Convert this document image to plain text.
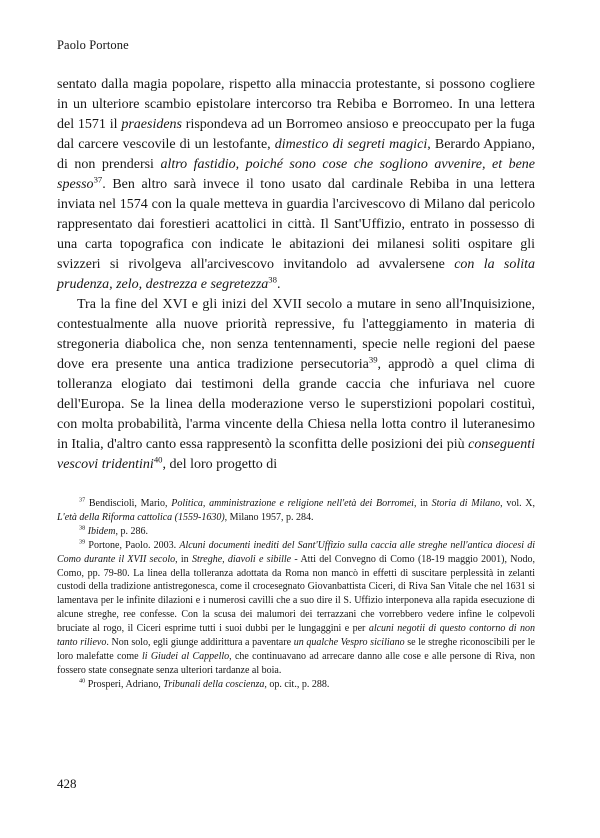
Paolo Portone

sentato dalla magia popolare, rispetto alla minaccia protestante, si possono cogliere in un ulteriore scambio epistolare intercorso tra Rebiba e Borromeo. In una lettera del 1571 il praesidens rispondeva ad un Borromeo ansioso e preoccupato per la fuga dal carcere vescovile di un lestofante, dimestico di segreti magici, Berardo Appiano, di non prendersi altro fastidio, poiché sono cose che sogliono avvenire, et bene spesso$^{37}$. Ben altro sarà invece il tono usato dal cardinale Rebiba in una lettera inviata nel 1574 con la quale metteva in guardia l'arcivescovo di Milano dal pericolo rappresentato dai forestieri acattolici in città. Il Sant'Uffizio, entrato in possesso di una carta topografica con indicate le abitazioni dei milanesi soliti ospitare gli svizzeri si rivolgeva all'arcivescovo invitandolo ad avvalersene con la solita prudenza, zelo, destrezza e segretezza$^{38}$.

Tra la fine del XVI e gli inizi del XVII secolo a mutare in seno all'Inquisizione, contestualmente alla nuove priorità repressive, fu l'atteggiamento in materia di stregoneria diabolica che, non senza tentennamenti, specie nelle regioni del paese dove era presente una antica tradizione persecutoria$^{39}$, approdò a quel clima di tolleranza elogiato dai testimoni della grande caccia che infuriava nel cuore dell'Europa. Se la linea della moderazione verso le superstizioni popolari costituì, con molta probabilità, l'arma vincente della Chiesa nella lotta contro il luteranesimo in Italia, d'altro canto essa rappresentò la sconfitta delle posizioni dei più conseguenti vescovi tridentini$^{40}$, del loro progetto di

$^{37}$ Bendiscioli, Mario, Politica, amministrazione e religione nell'età dei Borromei, in Storia di Milano, vol. X, L'età della Riforma cattolica (1559-1630), Milano 1957, p. 284.

$^{38}$ Ibidem, p. 286.

$^{39}$ Portone, Paolo. 2003. Alcuni documenti inediti del Sant'Uffizio sulla caccia alle streghe nell'antica diocesi di Como durante il XVII secolo, in Streghe, diavoli e sibille - Atti del Convegno di Como (18-19 maggio 2001), Nodo, Como, pp. 79-80. La linea della tolleranza adottata da Roma non mancò in effetti di suscitare perplessità in zelanti custodi della tradizione antistregonesca, come il crocesegnato Giovanbattista Ciceri, di Riva San Vitale che nel 1631 si lamentava per le infinite dilazioni e i numerosi cavilli che a suo dire il S. Uffizio interponeva alla rapida esecuzione di alcune streghe, ree confesse. Con la scusa dei malumori dei terrazzani che vorrebbero vedere infine le colpevoli bruciate al rogo, il Ciceri esprime tutti i suoi dubbi per le lungaggini e per alcuni negotii di questo contorno di non tanto rilievo. Non solo, egli giunge addirittura a paventare un qualche Vespro siciliano se le streghe riconoscibili per le loro malefatte come li Giudei al Cappello, che continuavano ad arrecare danno alle cose e alle persone di Riva, non fossero state consegnate senza ulteriori tardanze al boia.

$^{40}$ Prosperi, Adriano, Tribunali della coscienza, op. cit., p. 288.

428
